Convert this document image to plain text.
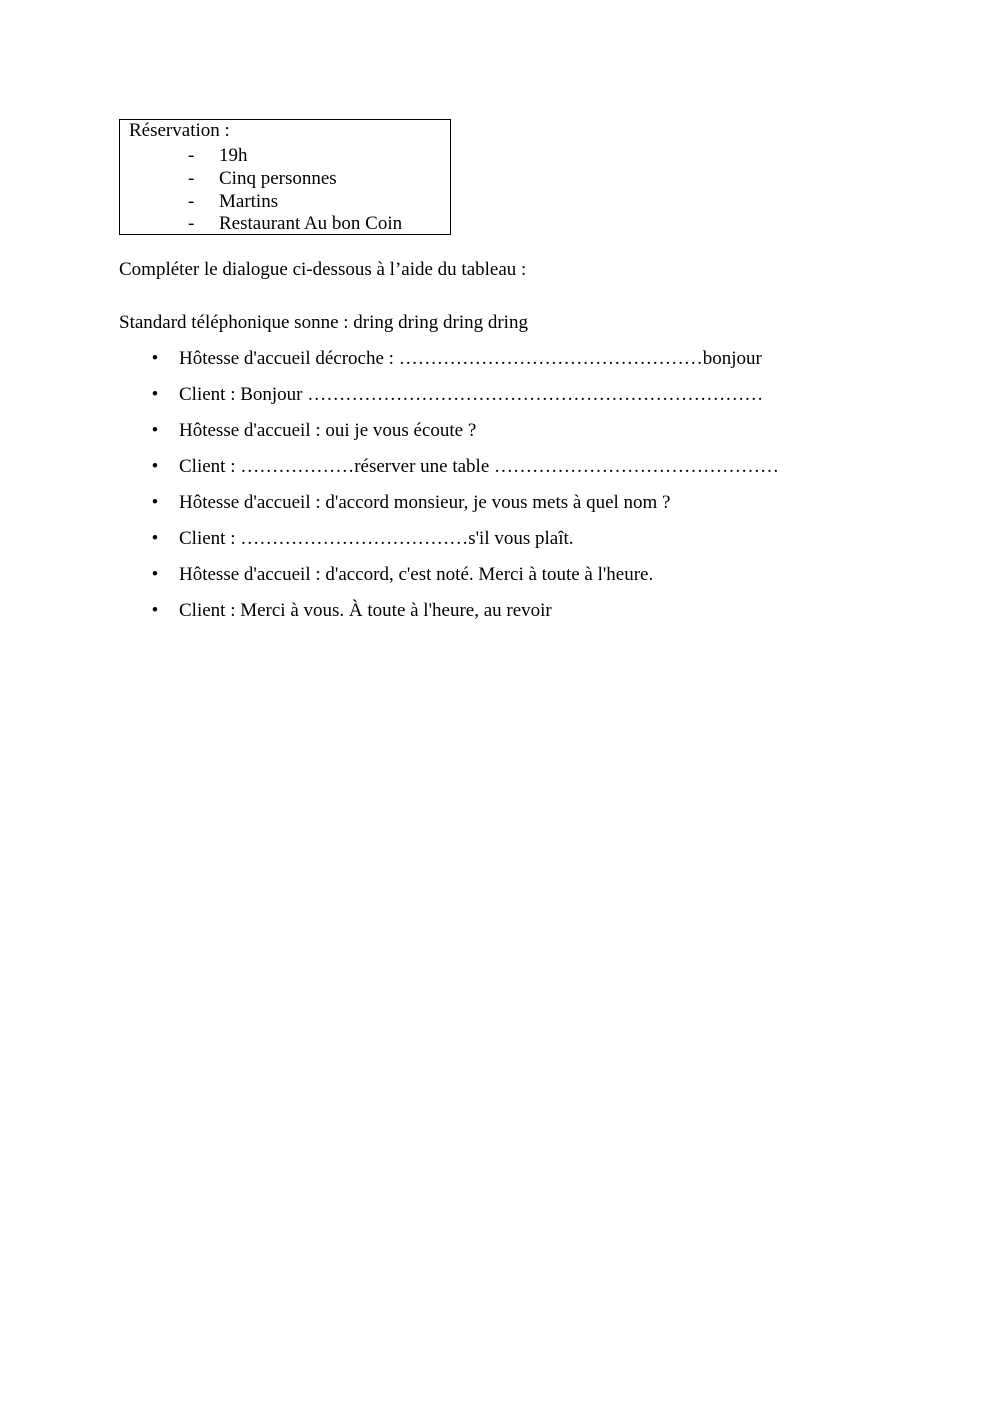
Réservation :
- 19h
- Cinq personnes
- Martins
- Restaurant Au bon Coin
Compléter le dialogue ci-dessous à l’aide du tableau :
Standard téléphonique sonne : dring dring dring dring
•	Hôtesse d'accueil décroche : …………………………………………bonjour
•	Client : Bonjour ………………………………………………………………
•	Hôtesse d'accueil : oui je vous écoute ?
•	Client : ………………réserver une table ………………………………………
•	Hôtesse d'accueil : d'accord monsieur, je vous mets à quel nom ?
•	Client : ………………………………s'il vous plaît.
•	Hôtesse d'accueil : d'accord, c'est noté. Merci à toute à l'heure.
•	Client : Merci à vous. À toute à l'heure, au revoir
